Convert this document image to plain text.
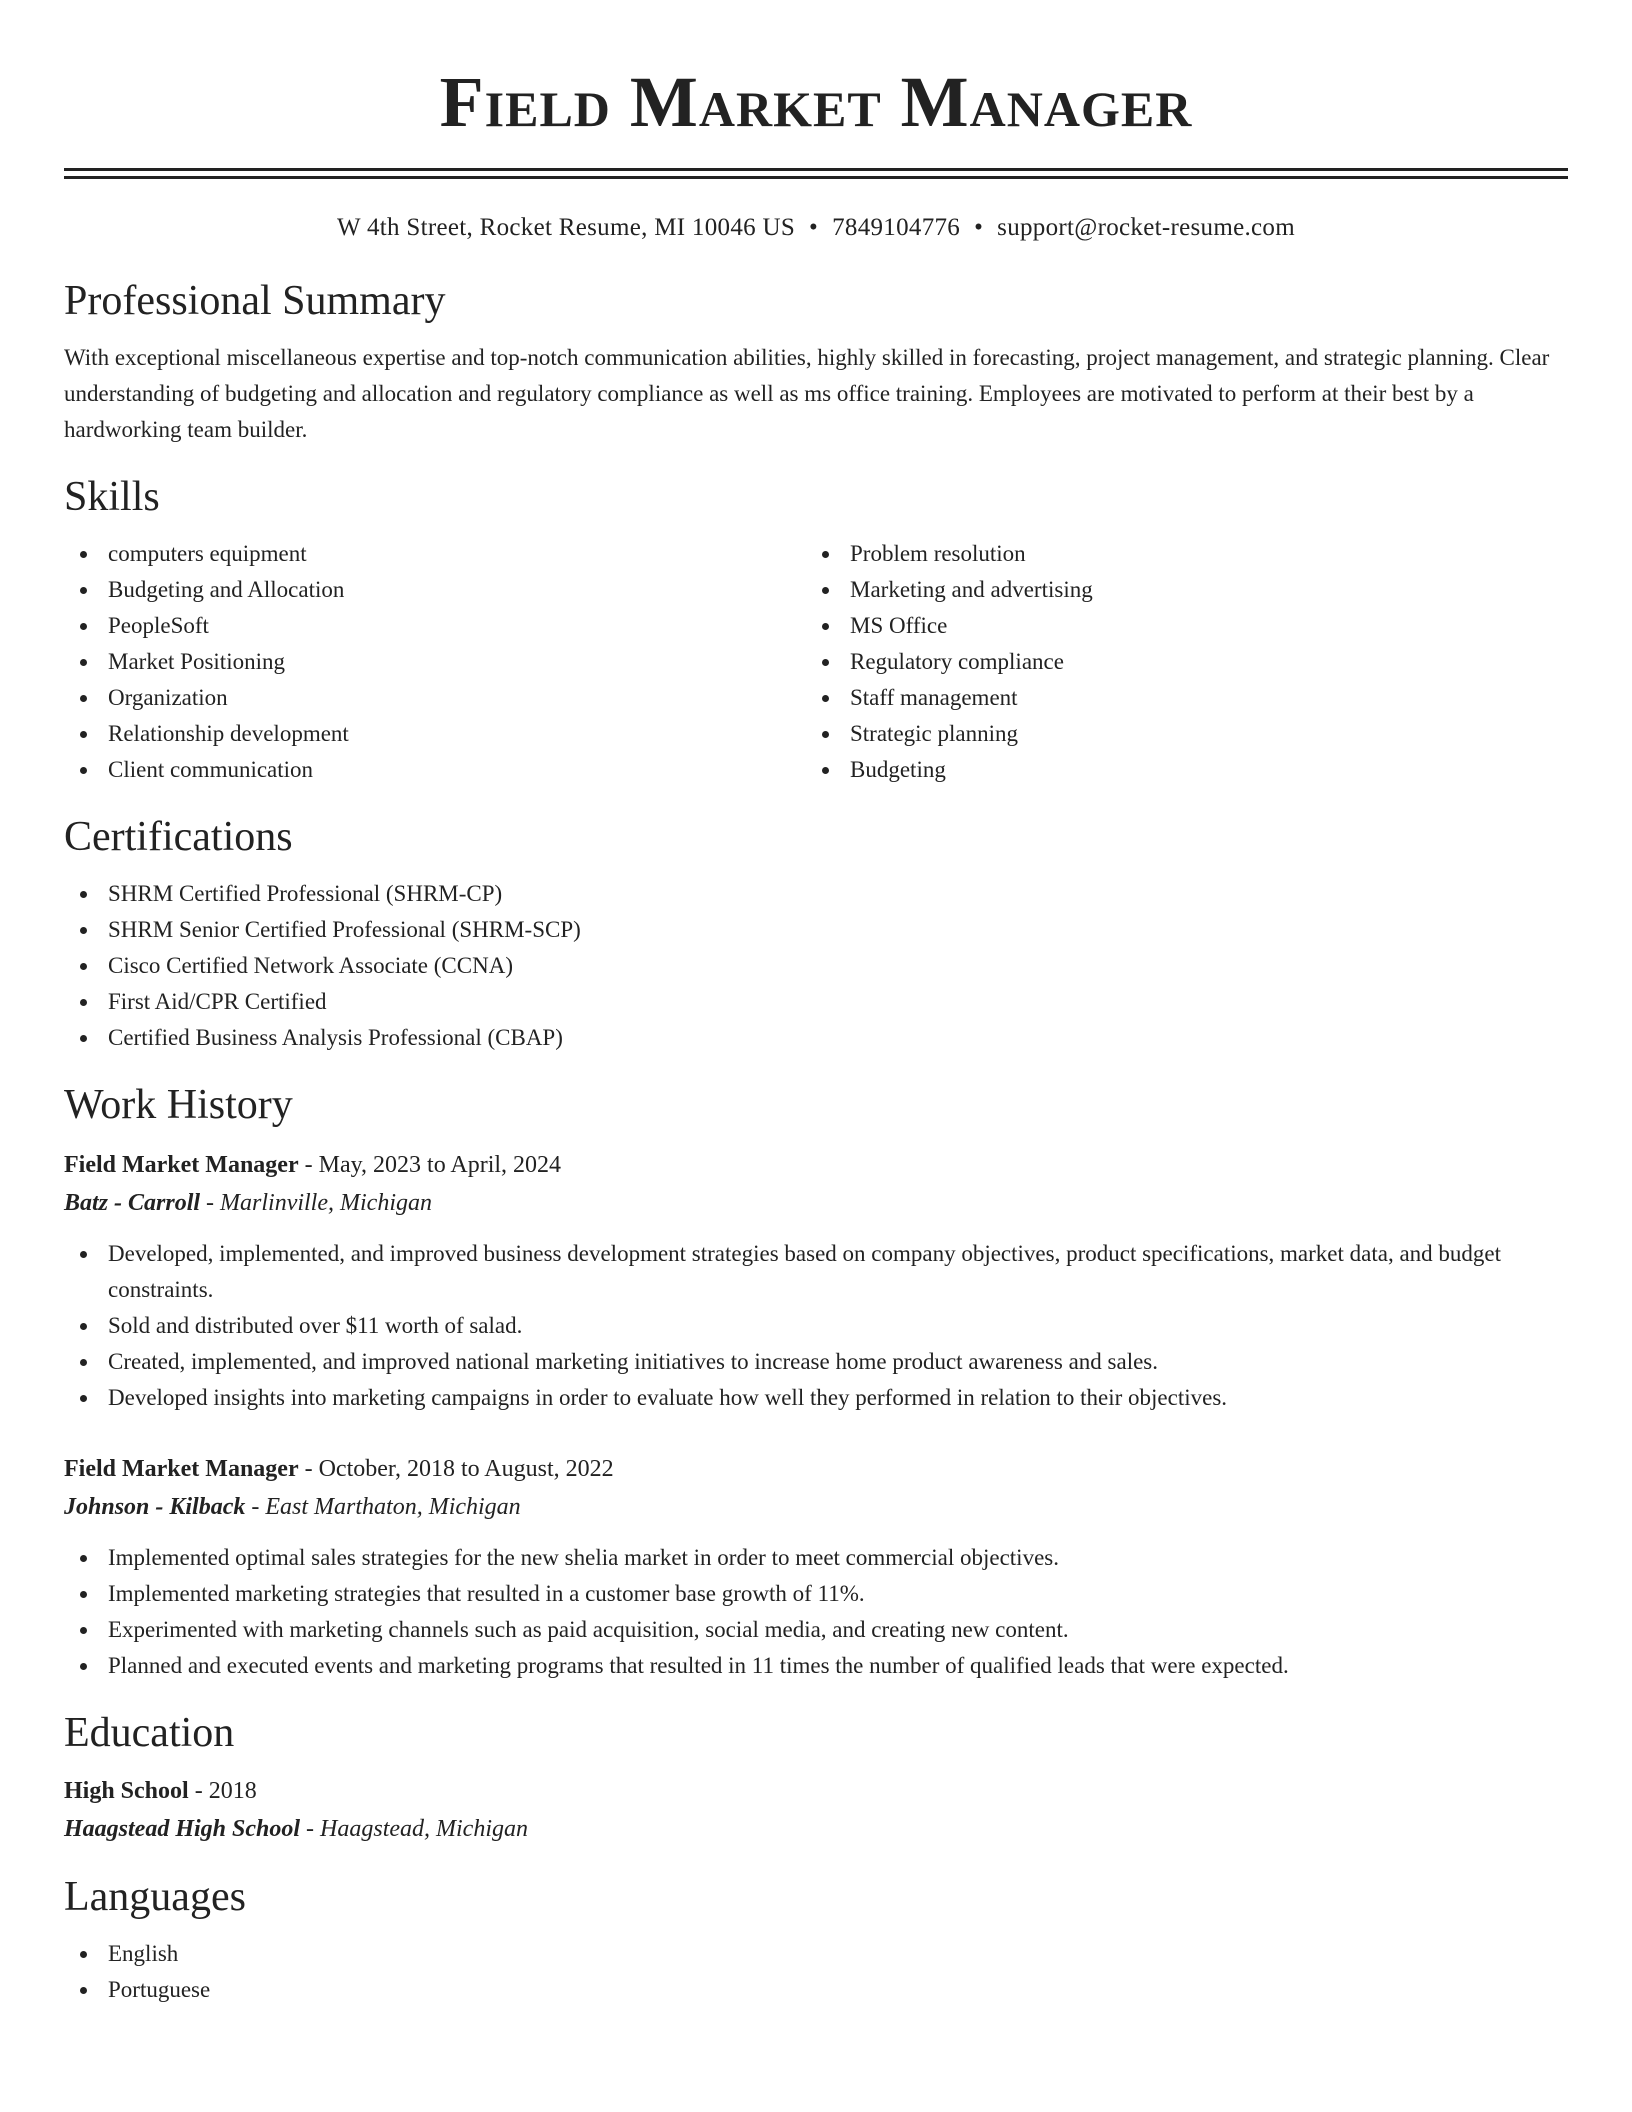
Field Market Manager
W 4th Street, Rocket Resume, MI 10046 US • 7849104776 • support@rocket-resume.com
Professional Summary

With exceptional miscellaneous expertise and top-notch communication abilities, highly skilled in forecasting, project management, and strategic planning. Clear understanding of budgeting and allocation and regulatory compliance as well as ms office training. Employees are motivated to perform at their best by a hardworking team builder.

Skills
computers equipment
Budgeting and Allocation
PeopleSoft
Market Positioning
Organization
Relationship development
Client communication
Problem resolution
Marketing and advertising
MS Office
Regulatory compliance
Staff management
Strategic planning
Budgeting
Certifications
SHRM Certified Professional (SHRM-CP)
SHRM Senior Certified Professional (SHRM-SCP)
Cisco Certified Network Associate (CCNA)
First Aid/CPR Certified
Certified Business Analysis Professional (CBAP)
Work History
Field Market Manager - May, 2023 to April, 2024
Batz - Carroll - Marlinville, Michigan
Developed, implemented, and improved business development strategies based on company objectives, product specifications, market data, and budget constraints.
Sold and distributed over $11 worth of salad.
Created, implemented, and improved national marketing initiatives to increase home product awareness and sales.
Developed insights into marketing campaigns in order to evaluate how well they performed in relation to their objectives.
Field Market Manager - October, 2018 to August, 2022
Johnson - Kilback - East Marthaton, Michigan
Implemented optimal sales strategies for the new shelia market in order to meet commercial objectives.
Implemented marketing strategies that resulted in a customer base growth of 11%.
Experimented with marketing channels such as paid acquisition, social media, and creating new content.
Planned and executed events and marketing programs that resulted in 11 times the number of qualified leads that were expected.
Education
High School - 2018
Haagstead High School - Haagstead, Michigan
Languages
English
Portuguese
